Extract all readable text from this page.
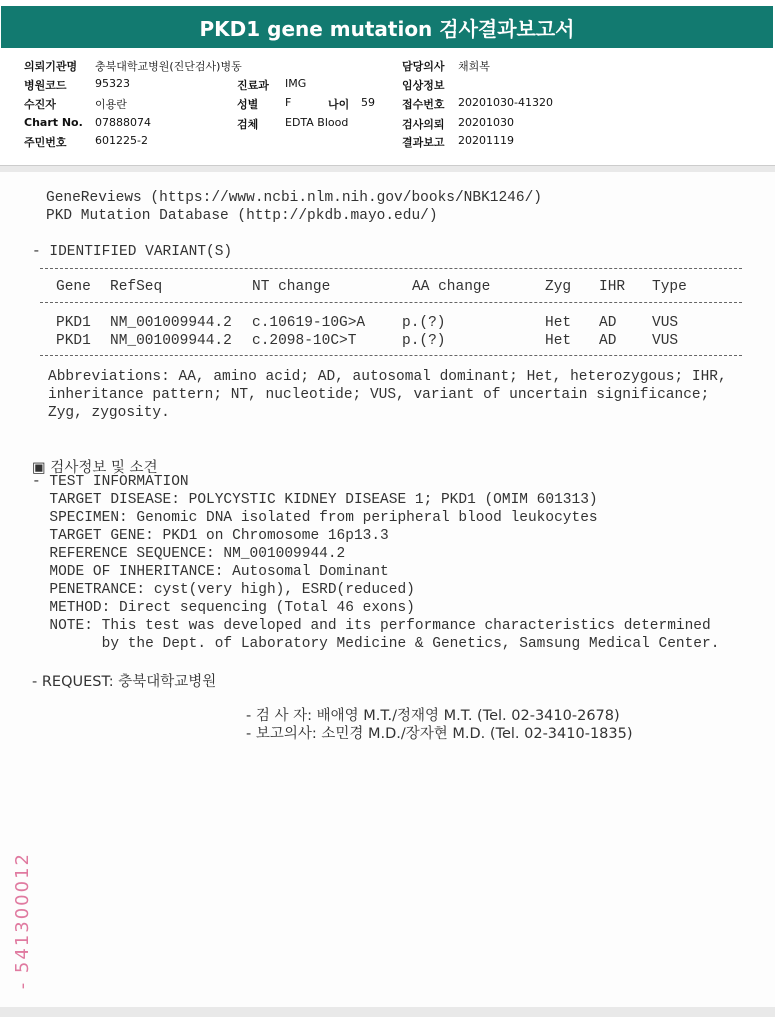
PKD1 gene mutation 검사결과보고서
의뢰기관명 충북대학교병원(진단검사)병동	담당의사 채희복
병원코드	95323	진료과 IMG	임상정보
수진자	이용란	성별 F	나이 59 접수번호 20201030-41320
Chart No. 07888074	검체 EDTA Blood	검사의뢰 20201030
주민번호	601225-2	결과보고 20201119
GeneReviews (https://www.ncbi.nlm.nih.gov/books/NBK1246/)
PKD Mutation Database (http://pkdb.mayo.edu/)
- IDENTIFIED VARIANT(S)
Gene RefSeq	NT change	AA change	Zyg IHR Type
PKD1 NM_001009944.2 c.10619-10G>A	p.(?)	Het AD VUS
PKD1 NM_001009944.2 c.2098-10C>T	p.(?)	Het AD VUS
Abbreviations: AA, amino acid; AD, autosomal dominant; Het, heterozygous; IHR,
inheritance pattern; NT, nucleotide; VUS, variant of uncertain significance;
Zyg, zygosity.
▣ 검사정보 및 소견
- TEST INFORMATION
TARGET DISEASE: POLYCYSTIC KIDNEY DISEASE 1; PKD1 (OMIM 601313)
SPECIMEN: Genomic DNA isolated from peripheral blood leukocytes
TARGET GENE: PKD1 on Chromosome 16p13.3
REFERENCE SEQUENCE: NM_001009944.2
MODE OF INHERITANCE: Autosomal Dominant
PENETRANCE: cyst(very high), ESRD(reduced)
METHOD: Direct sequencing (Total 46 exons)
NOTE: This test was developed and its performance characteristics determined
by the Dept. of Laboratory Medicine & Genetics, Samsung Medical Center.
- REQUEST: 충북대학교병원
- 검 사 자: 배애영 M.T./정재영 M.T. (Tel. 02-3410-2678)
- 보고의사: 소민경 M.D./장자현 M.D. (Tel. 02-3410-1835)
- 541300012
